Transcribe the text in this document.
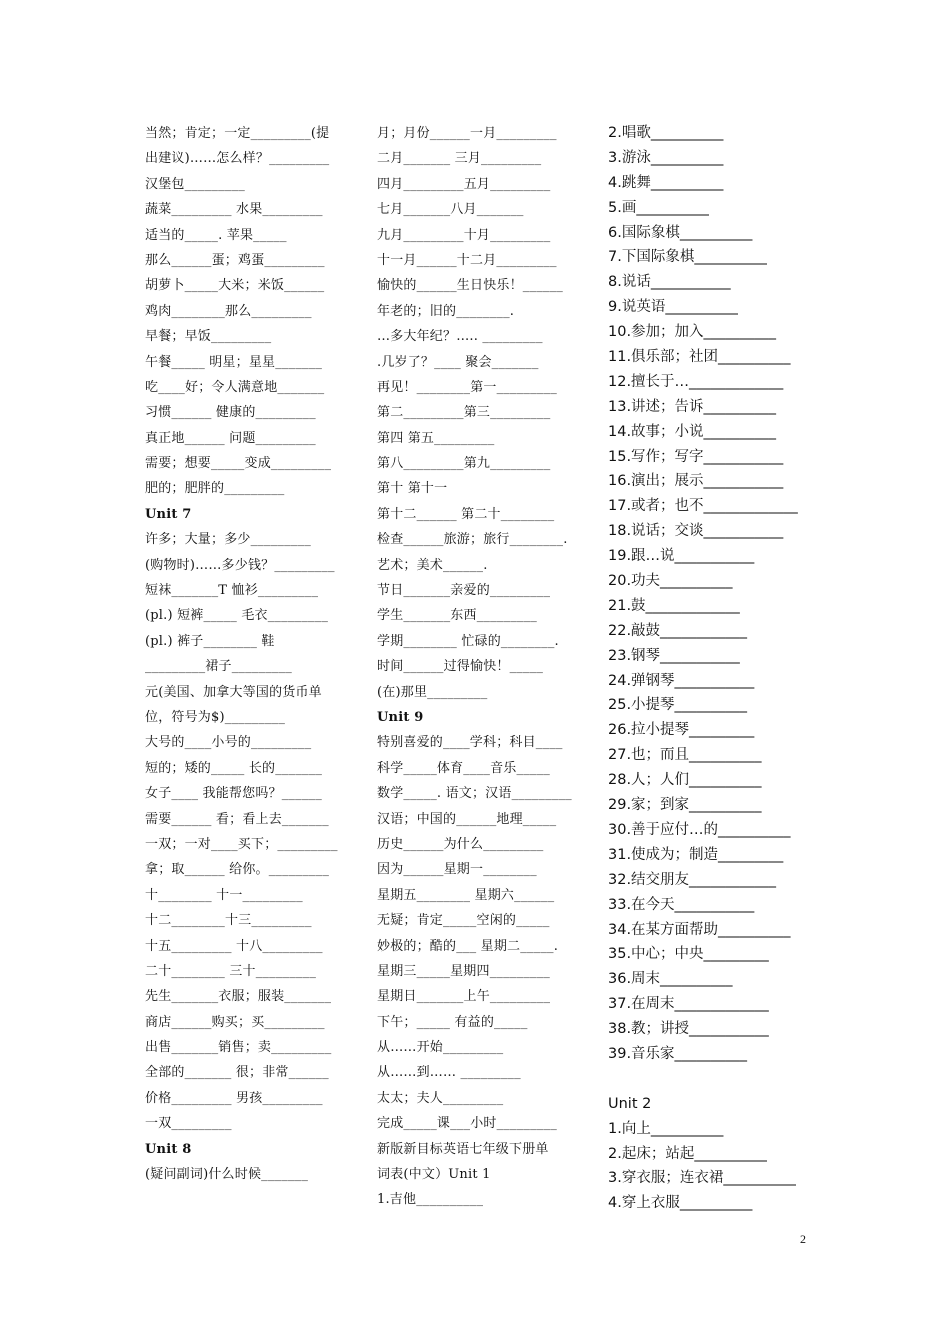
当然；肯定；一定_________(提
出建议)……怎么样？_________
汉堡包_________
蔬菜_________ 水果_________
适当的_____. 苹果_____
那么______蛋；鸡蛋_________
胡萝卜_____大米；米饭______
鸡肉________那么_________
早餐；早饭_________
午餐_____ 明星；星星_______
吃____好；令人满意地_______
习惯______ 健康的_________
真正地______ 问题_________
需要；想要_____变成_________
肥的；肥胖的_________
Unit 7
许多；大量；多少_________
(购物时)……多少钱？_________
短袜_______T 恤衫_________
(pl.) 短裤_____ 毛衣_________
(pl.) 裤子________ 鞋
_________裙子_________
元(美国、加拿大等国的货币单
位，符号为$)_________
大号的____小号的_________
短的；矮的_____ 长的_______
女子____ 我能帮您吗？______
需要______ 看；看上去_______
一双；一对____买下；_________
拿；取______ 给你。_________
十________ 十一_________
十二________十三_________
十五_________ 十八_________
二十________ 三十_________
先生_______衣服；服装_______
商店______购买；买_________
出售_______销售；卖_________
全部的_______ 很；非常______
价格_________ 男孩_________
一双_________
Unit 8
(疑问副词)什么时候_______
月；月份______一月_________
二月_______ 三月_________
四月_________五月_________
七月_______八月_______
九月_________十月_________
十一月______十二月_________
愉快的______生日快乐！______
年老的；旧的________.
…多大年纪？….. _________
.几岁了？____ 聚会_______
再见！________第一_________
第二_________第三_________
第四 第五_________
第八_________第九_________
第十 第十一
第十二______ 第二十________
检查______旅游；旅行________.
艺术；美术______.
节日_______亲爱的_________
学生_______东西_________
学期________ 忙碌的________.
时间______过得愉快！_____
(在)那里_________
Unit 9
特别喜爱的____学科；科目____
科学_____体育____音乐_____
数学_____. 语文；汉语_________
汉语；中国的______地理_____
历史______为什么_________
因为______星期一________
星期五________ 星期六______
无疑；肯定_____空闲的_____
妙极的；酷的___ 星期二_____.
星期三_____星期四_________
星期日_______上午_________
下午；_____ 有益的_____
从……开始_________
从……到…… _________
太太；夫人_________
完成_____课___小时_________
新版新目标英语七年级下册单
词表(中文）Unit 1
1.吉他__________
2.唱歌__________
3.游泳__________
4.跳舞__________
5.画__________
6.国际象棋__________
7.下国际象棋__________
8.说话___________
9.说英语__________
10.参加；加入__________
11.俱乐部；社团__________
12.擅长于…_____________
13.讲述；告诉__________
14.故事；小说__________
15.写作；写字___________
16.演出；展示___________
17.或者；也不_____________
18.说话；交谈___________
19.跟…说___________
20.功夫__________
21.鼓_____________
22.敲鼓____________
23.钢琴___________
24.弹钢琴___________
25.小提琴__________
26.拉小提琴_________
27.也；而且__________
28.人；人们__________
29.家；到家__________
30.善于应付…的__________
31.使成为；制造_________
32.结交朋友____________
33.在今天___________
34.在某方面帮助__________
35.中心；中央_________
36.周末__________
37.在周末_____________
38.教；讲授___________
39.音乐家__________
Unit 2
1.向上__________
2.起床；站起__________
3.穿衣服；连衣裙__________
4.穿上衣服__________
2
